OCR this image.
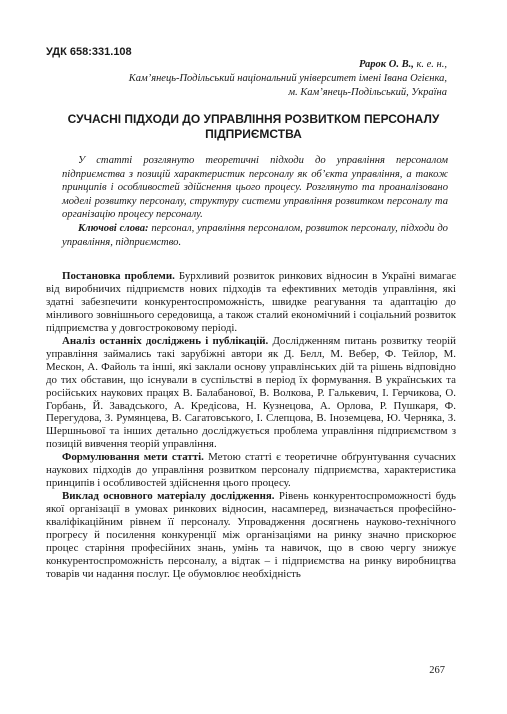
УДК 658:331.108
Рарок О. В., к. е. н.,
Кам’янець-Подільський національний університет імені Івана Огієнка,
м. Кам’янець-Подільський, Україна
СУЧАСНІ ПІДХОДИ ДО УПРАВЛІННЯ РОЗВИТКОМ ПЕРСОНАЛУ ПІДПРИЄМСТВА
У статті розглянуто теоретичні підходи до управління персоналом підприємства з позицій характеристик персоналу як об’єкта управління, а також принципів і особливостей здійснення цього процесу. Розглянуто та проаналізовано моделі розвитку персоналу, структуру системи управління розвитком персоналу та організацію процесу персоналу.
Ключові слова: персонал, управління персоналом, розвиток персоналу, підходи до управління, підприємство.

Постановка проблеми. Бурхливий розвиток ринкових відносин в Україні вимагає від виробничих підприємств нових підходів та ефективних методів управління, які здатні забезпечити конкурентоспроможність, швидке реагування та адаптацію до мінливого зовнішнього середовища, а також сталий економічний і соціальний розвиток підприємства у довгостроковому періоді.

Аналіз останніх досліджень і публікацій. Дослідженням питань розвитку теорій управління займались такі зарубіжні автори як Д. Белл, М. Вебер, Ф. Тейлор, М. Мескон, А. Файоль та інші, які заклали основу управлінських дій та рішень відповідно до тих обставин, що існували в суспільстві в період їх формування. В українських та російських наукових працях В. Балабанової, В. Волкова, Р. Галькевич, І. Герчикова, О. Горбань, Й. Завадського, А. Кредісова, Н. Кузнецова, А. Орлова, Р. Пушкаря, Ф. Перегудова, З. Румянцева, В. Сагатовського, І. Слепцова, В. Іноземцева, Ю. Черняка, З. Шершньової та інших детально досліджується проблема управління підприємством з позицій вивчення теорій управління.

Формулювання мети статті. Метою статті є теоретичне обґрунтування сучасних наукових підходів до управління розвитком персоналу підприємства, характеристика принципів і особливостей здійснення цього процесу.

Виклад основного матеріалу дослідження. Рівень конкурентоспроможності будь якої організації в умовах ринкових відносин, насамперед, визначається професійно-кваліфікаційним рівнем її персоналу. Упровадження досягнень науково-технічного прогресу й посилення конкуренції між організаціями на ринку значно прискорює процес старіння професійних знань, умінь та навичок, що в свою чергу знижує конкурентоспроможність персоналу, а відтак – і підприємства на ринку виробництва товарів чи надання послуг. Це обумовлює необхідність

267
